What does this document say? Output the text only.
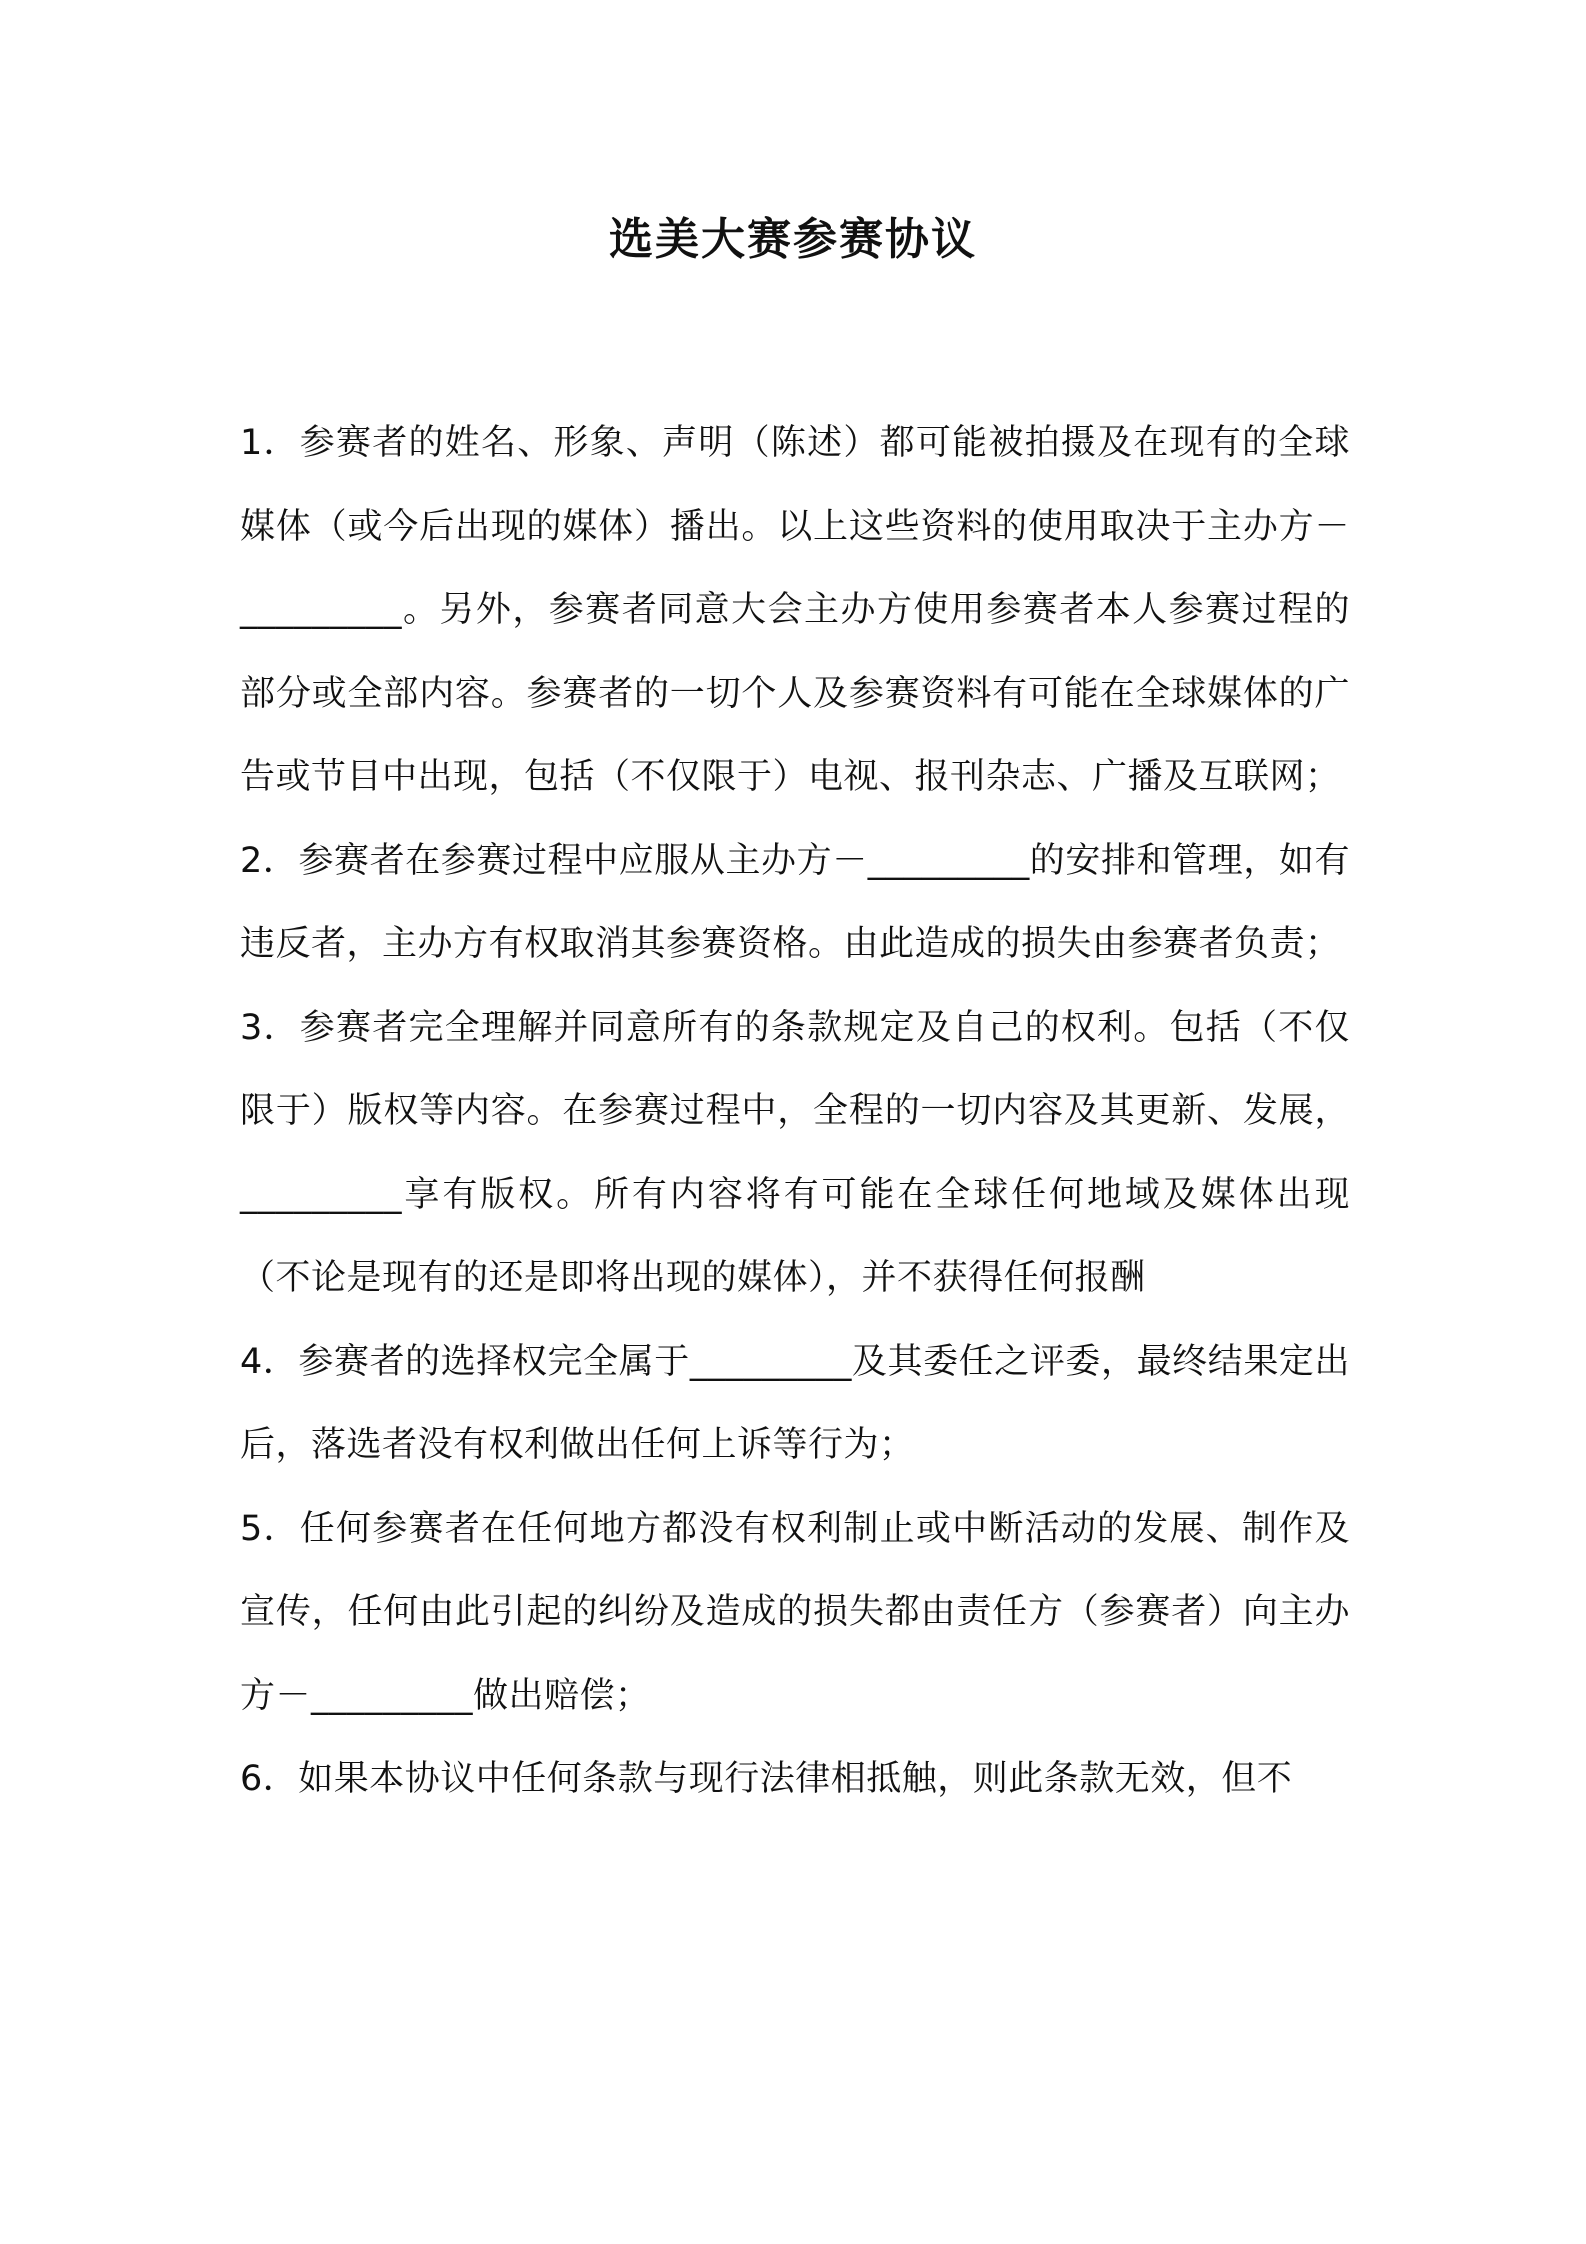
选美大赛参赛协议

1．参赛者的姓名、形象、声明（陈述）都可能被拍摄及在现有的全球媒体（或今后出现的媒体）播出。以上这些资料的使用取决于主办方－_________。另外，参赛者同意大会主办方使用参赛者本人参赛过程的部分或全部内容。参赛者的一切个人及参赛资料有可能在全球媒体的广告或节目中出现，包括（不仅限于）电视、报刊杂志、广播及互联网；

2．参赛者在参赛过程中应服从主办方－_________的安排和管理，如有违反者，主办方有权取消其参赛资格。由此造成的损失由参赛者负责；

3．参赛者完全理解并同意所有的条款规定及自己的权利。包括（不仅限于）版权等内容。在参赛过程中，全程的一切内容及其更新、发展，_________享有版权。所有内容将有可能在全球任何地域及媒体出现（不论是现有的还是即将出现的媒体），并不获得任何报酬

4．参赛者的选择权完全属于_________及其委任之评委，最终结果定出后，落选者没有权利做出任何上诉等行为；

5．任何参赛者在任何地方都没有权利制止或中断活动的发展、制作及宣传，任何由此引起的纠纷及造成的损失都由责任方（参赛者）向主办方－_________做出赔偿；

6．如果本协议中任何条款与现行法律相抵触，则此条款无效，但不
